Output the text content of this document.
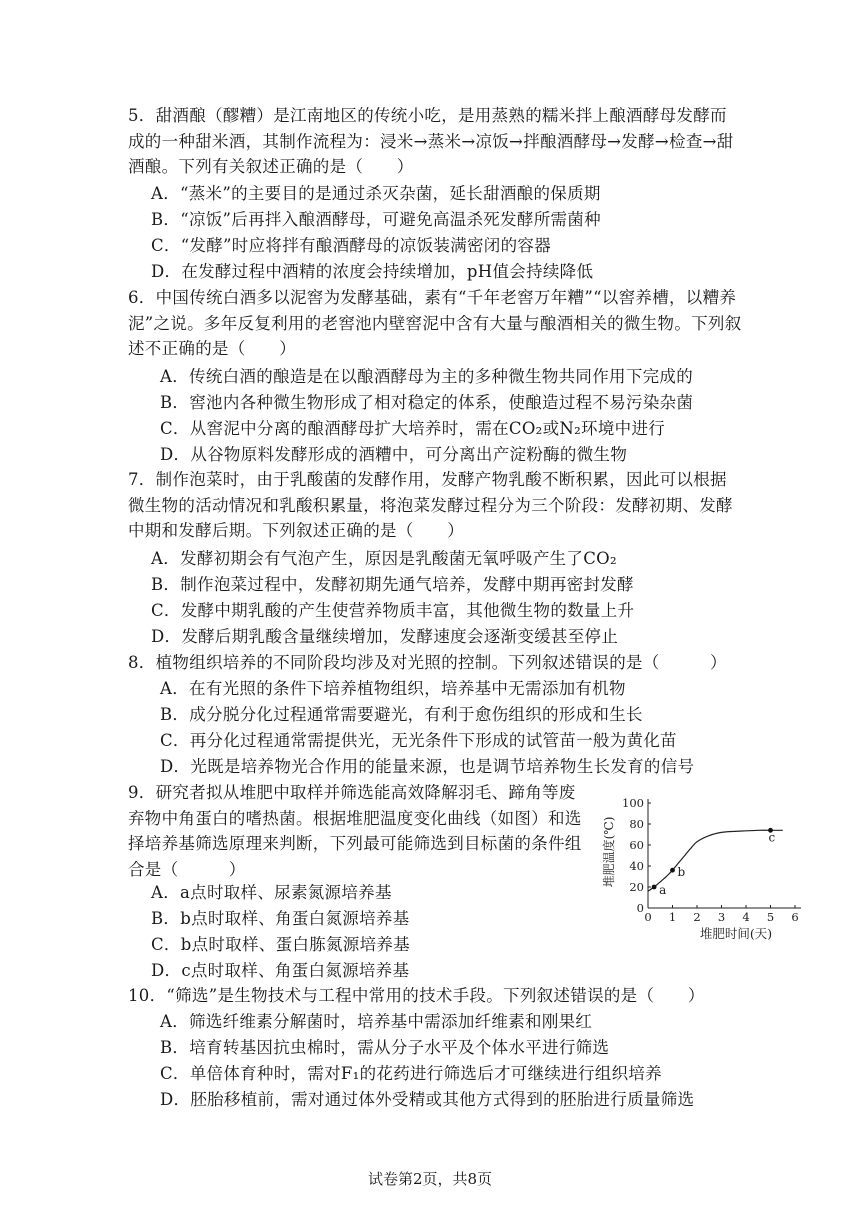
5．甜酒酿（醪糟）是江南地区的传统小吃，是用蒸熟的糯米拌上酿酒酵母发酵而成的一种甜米酒，其制作流程为：浸米→蒸米→凉饭→拌酿酒酵母→发酵→检查→甜酒酿。下列有关叙述正确的是（　　）
A．“蒸米”的主要目的是通过杀灭杂菌，延长甜酒酿的保质期
B．“凉饭”后再拌入酿酒酵母，可避免高温杀死发酵所需菌种
C．“发酵”时应将拌有酿酒酵母的凉饭装满密闭的容器
D．在发酵过程中酒精的浓度会持续增加，pH值会持续降低
6．中国传统白酒多以泥窖为发酵基础，素有“千年老窖万年糟”“以窖养槽，以糟养泥”之说。多年反复利用的老窖池内壁窖泥中含有大量与酿酒相关的微生物。下列叙述不正确的是（　　）
A．传统白酒的酿造是在以酿酒酵母为主的多种微生物共同作用下完成的
B．窖池内各种微生物形成了相对稳定的体系，使酿造过程不易污染杂菌
C．从窖泥中分离的酿酒酵母扩大培养时，需在CO₂或N₂环境中进行
D．从谷物原料发酵形成的酒糟中，可分离出产淀粉酶的微生物
7．制作泡菜时，由于乳酸菌的发酵作用，发酵产物乳酸不断积累，因此可以根据微生物的活动情况和乳酸积累量，将泡菜发酵过程分为三个阶段：发酵初期、发酵中期和发酵后期。下列叙述正确的是（　　）
A．发酵初期会有气泡产生，原因是乳酸菌无氧呼吸产生了CO₂
B．制作泡菜过程中，发酵初期先通气培养，发酵中期再密封发酵
C．发酵中期乳酸的产生使营养物质丰富，其他微生物的数量上升
D．发酵后期乳酸含量继续增加，发酵速度会逐渐变缓甚至停止
8．植物组织培养的不同阶段均涉及对光照的控制。下列叙述错误的是（　　　）
A．在有光照的条件下培养植物组织，培养基中无需添加有机物
B．成分脱分化过程通常需要避光，有利于愈伤组织的形成和生长
C．再分化过程通常需提供光，无光条件下形成的试管苗一般为黄化苗
D．光既是培养物光合作用的能量来源，也是调节培养物生长发育的信号
9．研究者拟从堆肥中取样并筛选能高效降解羽毛、蹄角等废弃物中角蛋白的嗜热菌。根据堆肥温度变化曲线（如图）和选择培养基筛选原理来判断，下列最可能筛选到目标菌的条件组合是（　　　）
A．a点时取样、尿素氮源培养基
B．b点时取样、角蛋白氮源培养基
C．b点时取样、蛋白胨氮源培养基
D．c点时取样、角蛋白氮源培养基
0 1 2 3 4 5 6
0
20
40
60
80
100
a
b
c
堆肥时间(天)
堆肥温度(℃)
10．“筛选”是生物技术与工程中常用的技术手段。下列叙述错误的是（　　）
A．筛选纤维素分解菌时，培养基中需添加纤维素和刚果红
B．培育转基因抗虫棉时，需从分子水平及个体水平进行筛选
C．单倍体育种时，需对F₁的花药进行筛选后才可继续进行组织培养
D．胚胎移植前，需对通过体外受精或其他方式得到的胚胎进行质量筛选
试卷第2页，共8页
